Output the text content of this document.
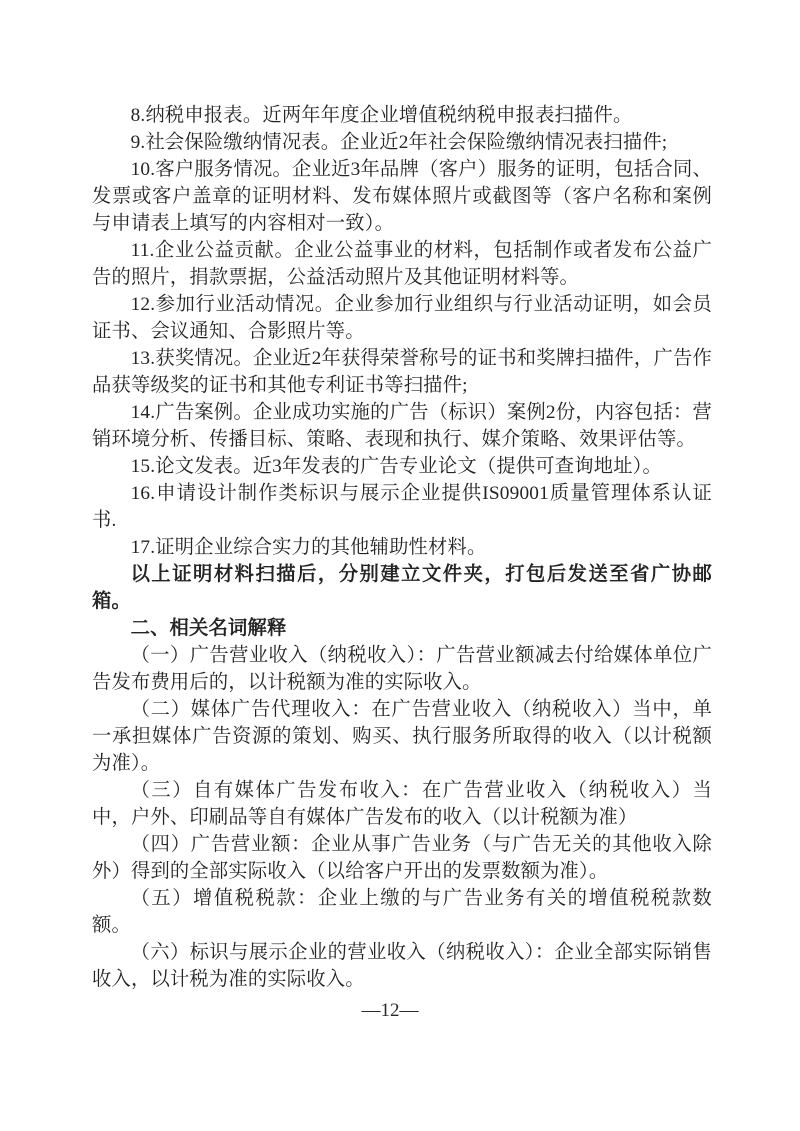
8.纳税申报表。近两年年度企业增值税纳税申报表扫描件。

9.社会保险缴纳情况表。企业近2年社会保险缴纳情况表扫描件;

10.客户服务情况。企业近3年品牌（客户）服务的证明，包括合同、发票或客户盖章的证明材料、发布媒体照片或截图等（客户名称和案例与申请表上填写的内容相对一致）。

11.企业公益贡献。企业公益事业的材料，包括制作或者发布公益广告的照片，捐款票据，公益活动照片及其他证明材料等。

12.参加行业活动情况。企业参加行业组织与行业活动证明，如会员证书、会议通知、合影照片等。

13.获奖情况。企业近2年获得荣誉称号的证书和奖牌扫描件，广告作品获等级奖的证书和其他专利证书等扫描件;

14.广告案例。企业成功实施的广告（标识）案例2份，内容包括：营销环境分析、传播目标、策略、表现和执行、媒介策略、效果评估等。

15.论文发表。近3年发表的广告专业论文（提供可查询地址）。

16.申请设计制作类标识与展示企业提供IS09001质量管理体系认证书.

17.证明企业综合实力的其他辅助性材料。

以上证明材料扫描后，分别建立文件夹，打包后发送至省广协邮箱。

二、相关名词解释

（一）广告营业收入（纳税收入）：广告营业额减去付给媒体单位广告发布费用后的，以计税额为准的实际收入。

（二）媒体广告代理收入：在广告营业收入（纳税收入）当中，单一承担媒体广告资源的策划、购买、执行服务所取得的收入（以计税额为准）。

（三）自有媒体广告发布收入：在广告营业收入（纳税收入）当中，户外、印刷品等自有媒体广告发布的收入（以计税额为准）

（四）广告营业额：企业从事广告业务（与广告无关的其他收入除外）得到的全部实际收入（以给客户开出的发票数额为准）。

（五）增值税税款：企业上缴的与广告业务有关的增值税税款数额。

（六）标识与展示企业的营业收入（纳税收入）：企业全部实际销售收入，以计税为准的实际收入。

—12—
